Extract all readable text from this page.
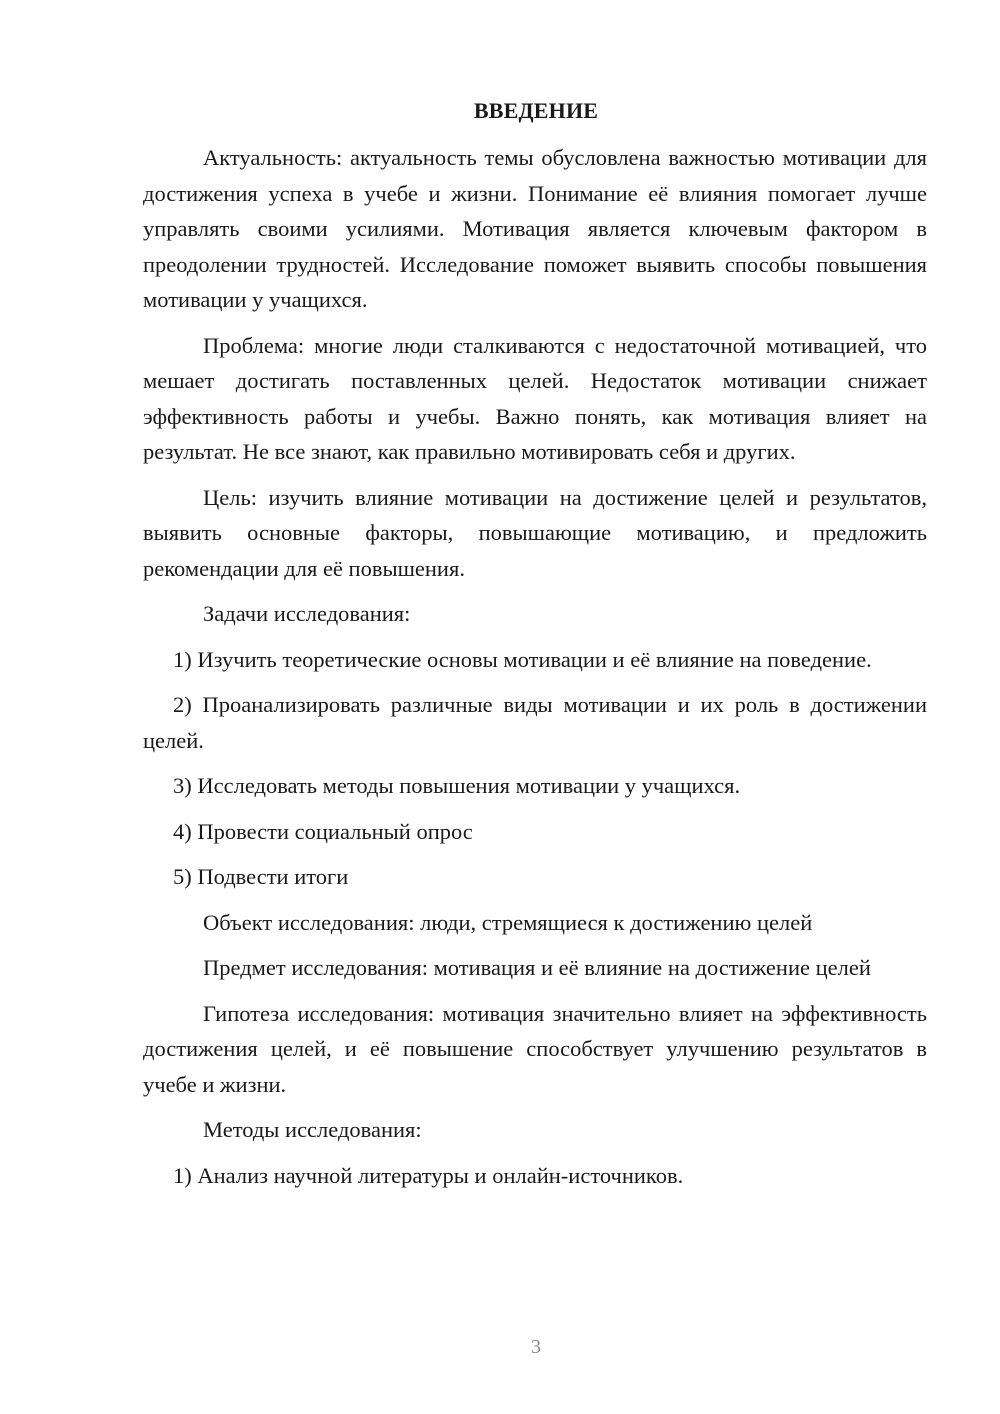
ВВЕДЕНИЕ

Актуальность: актуальность темы обусловлена важностью мотивации для достижения успеха в учебе и жизни. Понимание её влияния помогает лучше управлять своими усилиями. Мотивация является ключевым фактором в преодолении трудностей. Исследование поможет выявить способы повышения мотивации у учащихся.

Проблема: многие люди сталкиваются с недостаточной мотивацией, что мешает достигать поставленных целей. Недостаток мотивации снижает эффективность работы и учебы. Важно понять, как мотивация влияет на результат. Не все знают, как правильно мотивировать себя и других.

Цель: изучить влияние мотивации на достижение целей и результатов, выявить основные факторы, повышающие мотивацию, и предложить рекомендации для её повышения.

Задачи исследования:

1) Изучить теоретические основы мотивации и её влияние на поведение.

2) Проанализировать различные виды мотивации и их роль в достижении целей.

3) Исследовать методы повышения мотивации у учащихся.

4) Провести социальный опрос

5) Подвести итоги

Объект исследования: люди, стремящиеся к достижению целей

Предмет исследования: мотивация и её влияние на достижение целей

Гипотеза исследования: мотивация значительно влияет на эффективность достижения целей, и её повышение способствует улучшению результатов в учебе и жизни.

Методы исследования:

1) Анализ научной литературы и онлайн-источников.

3
